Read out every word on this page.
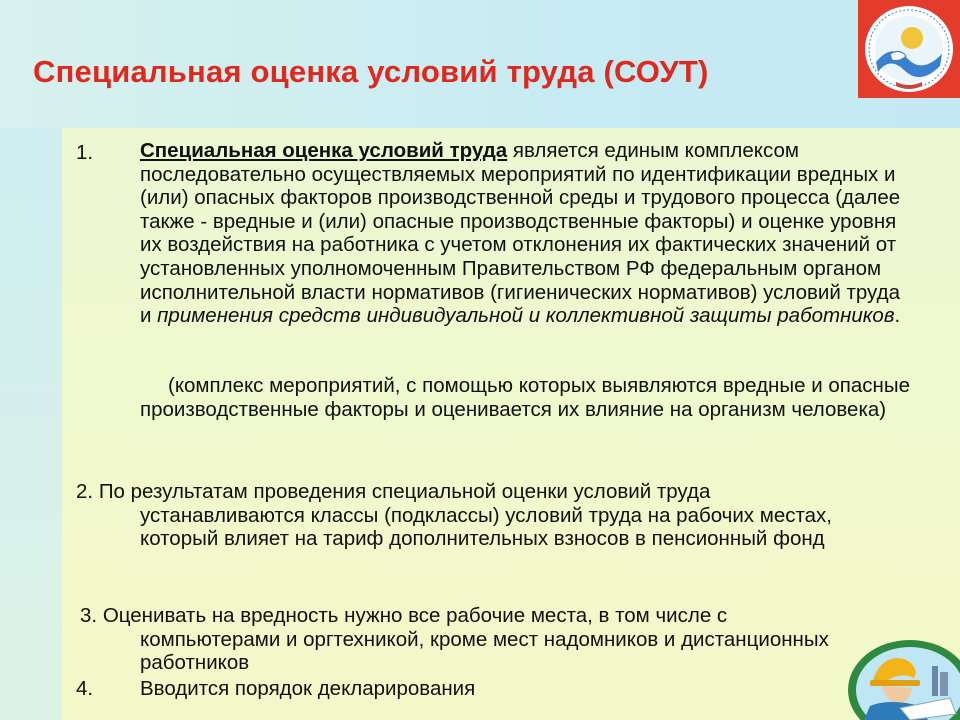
Специальная оценка условий труда (СОУТ)
1. Специальная оценка условий труда является единым комплексом последовательно осуществляемых мероприятий по идентификации вредных и (или) опасных факторов производственной среды и трудового процесса (далее также - вредные и (или) опасные производственные факторы) и оценке уровня их воздействия на работника с учетом отклонения их фактических значений от установленных уполномоченным Правительством РФ федеральным органом исполнительной власти нормативов (гигиенических нормативов) условий труда и применения средств индивидуальной и коллективной защиты работников.
(комплекс мероприятий, с помощью которых выявляются вредные и опасные производственные факторы и оценивается их влияние на организм человека)
2. По результатам проведения специальной оценки условий труда устанавливаются классы (подклассы) условий труда на рабочих местах, который влияет на тариф дополнительных взносов в пенсионный фонд
3. Оценивать на вредность нужно все рабочие места, в том числе с компьютерами и оргтехникой, кроме мест надомников и дистанционных работников
4. Вводится порядок декларирования
